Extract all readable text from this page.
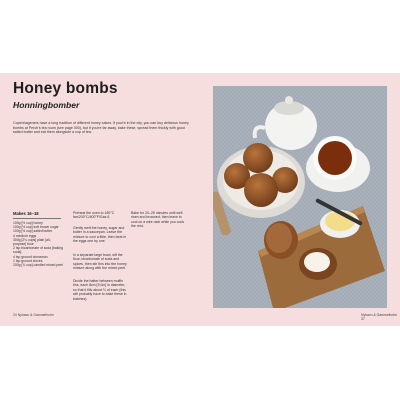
Honey bombs
Honningbomber

Copenhageners have a long tradition of different honey cakes. If you're in the city, you can buy delicious honey bombs at Perch's tea room (see page 000), but if you're far away, bake these, spread them thickly with good salted butter and eat them alongside a cup of tea.

Makes 16–18
100g [½ cup] honey
100g [½ cup] soft brown sugar
100g [½ cup] salted butter
4 medium eggs
300g [2¼ cups] plain [all-purpose] flour
2 tsp bicarbonate of soda [baking soda]
4 tsp ground cinnamon
1 tsp ground cloves
200g [⅞ cup] candied mixed peel

Preheat the oven to 180°C fan/200°C/400°F/Gas 6.

Gently melt the honey, sugar and butter in a saucepan. Leave the mixture to cool a little, then beat in the eggs one by one.

In a separate large bowl, sift the flour, bicarbonate of soda and spices, then stir this into the honey mixture along with the mixed peel.

Divide the batter between muffin tins, each 8cm [3¼in] in diameter, so that it fills about ⅔ of each (this will probably have to bake these in batches).

Bake for 20–25 minutes until well risen and browned, then leave to cool on a wire rack while you cook the rest.

24 Nyhavn & Gammelholm	Nyhavn & Gammelholm 37
